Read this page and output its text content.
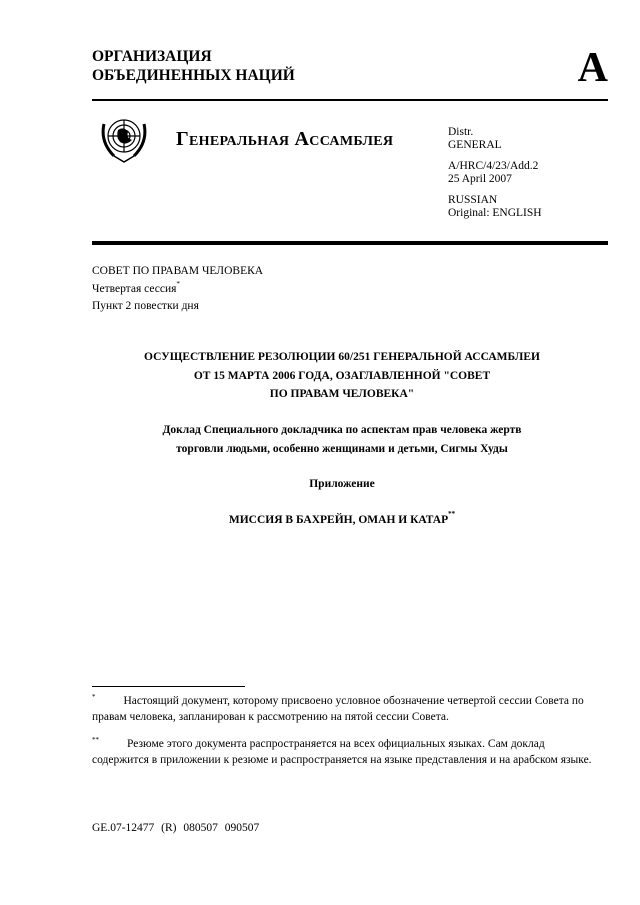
ОРГАНИЗАЦИЯ
ОБЪЕДИНЕННЫХ НАЦИЙ	A
Генеральная Ассамблея	Distr.
GENERAL
A/HRC/4/23/Add.2
25 April 2007
RUSSIAN
Original: ENGLISH
СОВЕТ ПО ПРАВАМ ЧЕЛОВЕКА
Четвертая сессия*
Пункт 2 повестки дня
ОСУЩЕСТВЛЕНИЕ РЕЗОЛЮЦИИ 60/251 ГЕНЕРАЛЬНОЙ АССАМБЛЕИ
ОТ 15 МАРТА 2006 ГОДА, ОЗАГЛАВЛЕННОЙ "СОВЕТ
ПО ПРАВАМ ЧЕЛОВЕКА"
Доклад Специального докладчика по аспектам прав человека жертв
торговли людьми, особенно женщинами и детьми, Сигмы Худы
Приложение
МИССИЯ В БАХРЕЙН, ОМАН И КАТАР**
* Настоящий документ, которому присвоено условное обозначение четвертой сессии Совета по правам человека, запланирован к рассмотрению на пятой сессии Совета.
** Резюме этого документа распространяется на всех официальных языках. Сам доклад содержится в приложении к резюме и распространяется на языке представления и на арабском языке.
GE.07-12477 (R) 080507 090507
